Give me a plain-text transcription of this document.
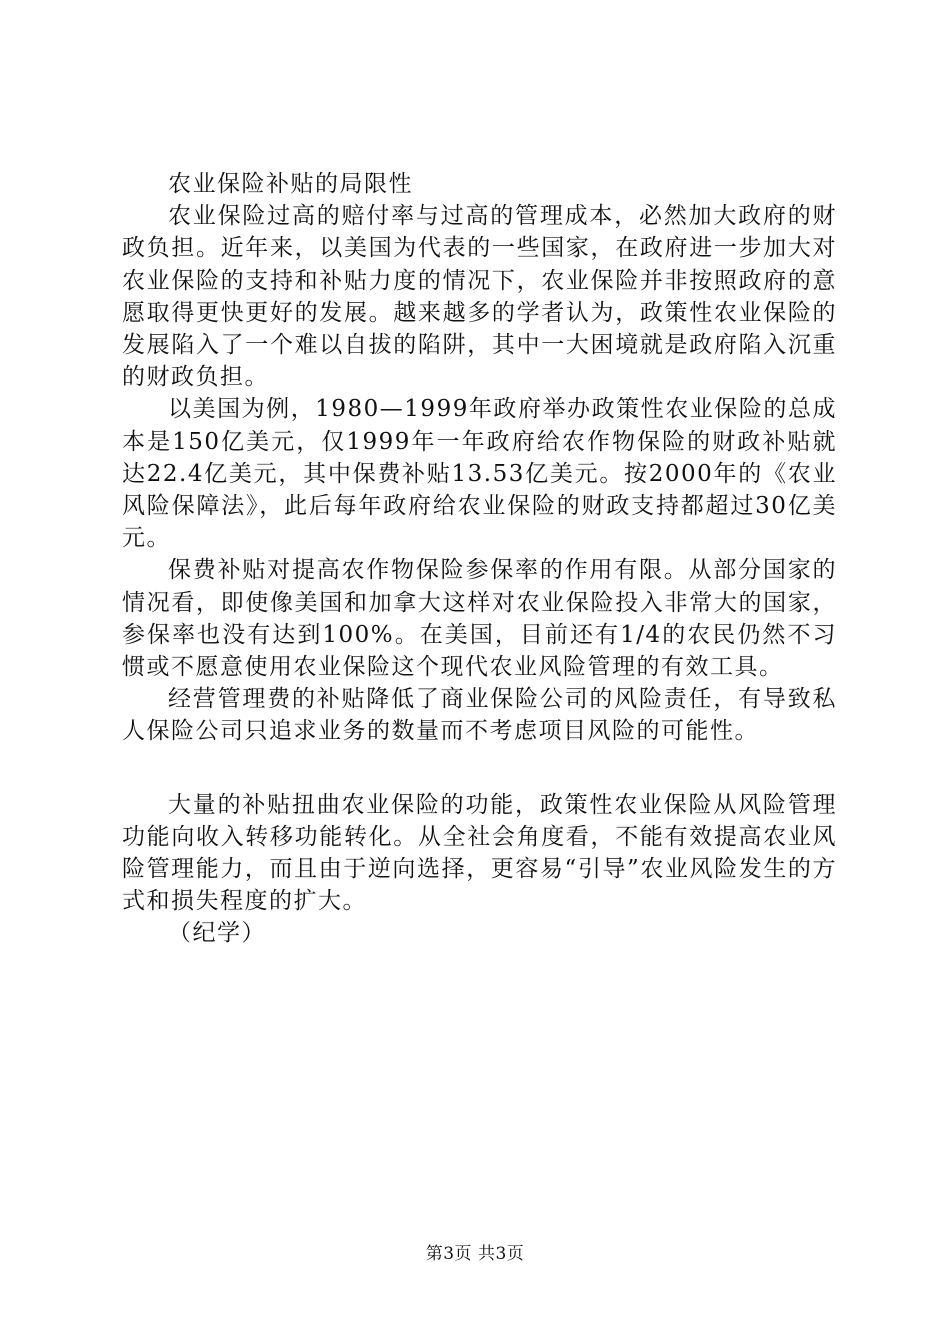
农业保险补贴的局限性

农业保险过高的赔付率与过高的管理成本，必然加大政府的财政负担。近年来，以美国为代表的一些国家，在政府进一步加大对农业保险的支持和补贴力度的情况下，农业保险并非按照政府的意愿取得更快更好的发展。越来越多的学者认为，政策性农业保险的发展陷入了一个难以自拔的陷阱，其中一大困境就是政府陷入沉重的财政负担。

以美国为例，1980—1999年政府举办政策性农业保险的总成本是150亿美元，仅1999年一年政府给农作物保险的财政补贴就达22.4亿美元，其中保费补贴13.53亿美元。按2000年的《农业风险保障法》，此后每年政府给农业保险的财政支持都超过30亿美元。

保费补贴对提高农作物保险参保率的作用有限。从部分国家的情况看，即使像美国和加拿大这样对农业保险投入非常大的国家，参保率也没有达到100%。在美国，目前还有1/4的农民仍然不习惯或不愿意使用农业保险这个现代农业风险管理的有效工具。

经营管理费的补贴降低了商业保险公司的风险责任，有导致私人保险公司只追求业务的数量而不考虑项目风险的可能性。

大量的补贴扭曲农业保险的功能，政策性农业保险从风险管理功能向收入转移功能转化。从全社会角度看，不能有效提高农业风险管理能力，而且由于逆向选择，更容易“引导”农业风险发生的方式和损失程度的扩大。

（纪学）

第3页 共3页
